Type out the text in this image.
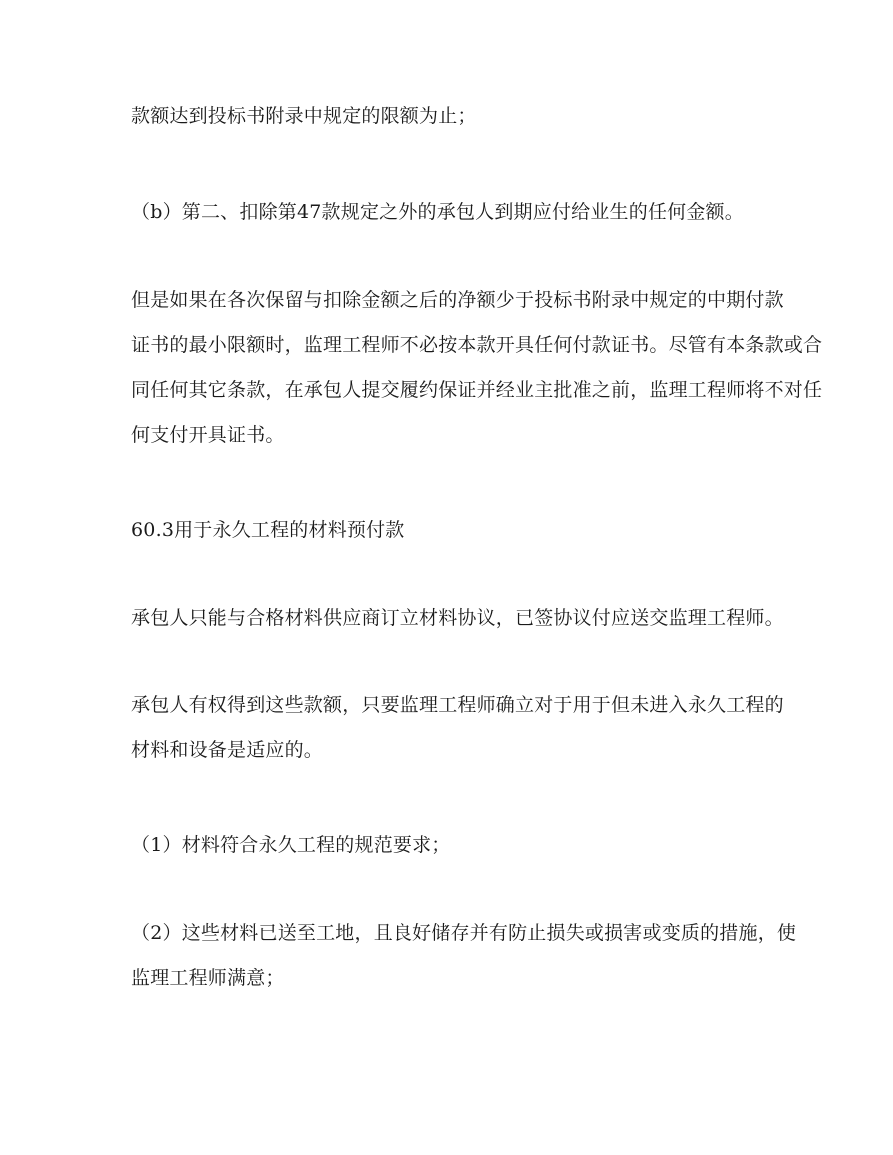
款额达到投标书附录中规定的限额为止；
（b）第二、扣除第47款规定之外的承包人到期应付给业生的任何金额。
但是如果在各次保留与扣除金额之后的净额少于投标书附录中规定的中期付款
证书的最小限额时，监理工程师不必按本款开具任何付款证书。尽管有本条款或合
同任何其它条款，在承包人提交履约保证并经业主批准之前，监理工程师将不对任
何支付开具证书。
60.3用于永久工程的材料预付款
承包人只能与合格材料供应商订立材料协议，已签协议付应送交监理工程师。
承包人有权得到这些款额，只要监理工程师确立对于用于但未进入永久工程的
材料和设备是适应的。
（1）材料符合永久工程的规范要求；
（2）这些材料已送至工地，且良好储存并有防止损失或损害或变质的措施，使
监理工程师满意；
